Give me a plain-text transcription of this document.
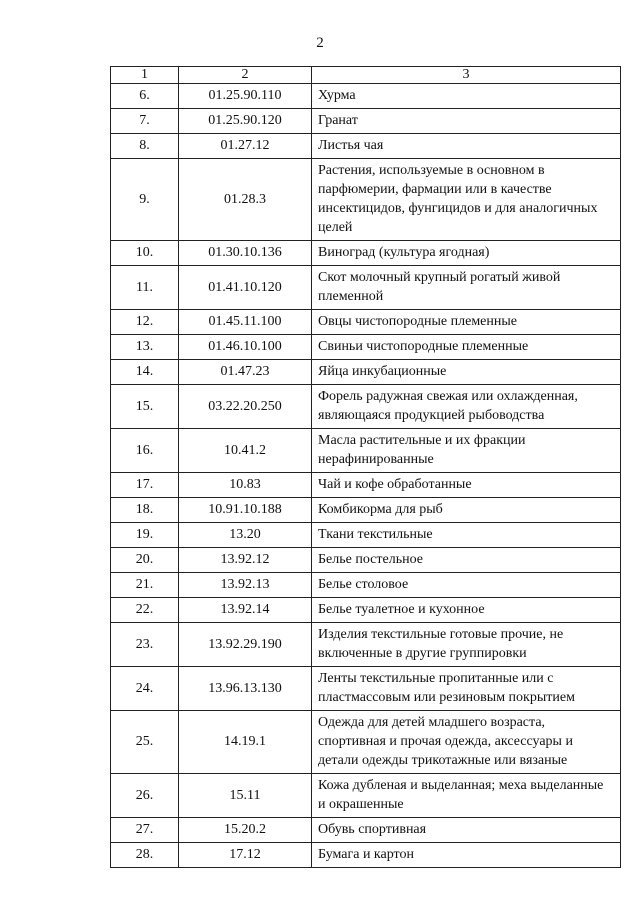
2
1	2	3
6.	01.25.90.110	Хурма
7.	01.25.90.120	Гранат
8.	01.27.12	Листья чая
9.	01.28.3	Растения, используемые в основном в парфюмерии, фармации или в качестве инсектицидов, фунгицидов и для аналогичных целей
10.	01.30.10.136	Виноград (культура ягодная)
11.	01.41.10.120	Скот молочный крупный рогатый живой племенной
12.	01.45.11.100	Овцы чистопородные племенные
13.	01.46.10.100	Свиньи чистопородные племенные
14.	01.47.23	Яйца инкубационные
15.	03.22.20.250	Форель радужная свежая или охлажденная, являющаяся продукцией рыбоводства
16.	10.41.2	Масла растительные и их фракции нерафинированные
17.	10.83	Чай и кофе обработанные
18.	10.91.10.188	Комбикорма для рыб
19.	13.20	Ткани текстильные
20.	13.92.12	Белье постельное
21.	13.92.13	Белье столовое
22.	13.92.14	Белье туалетное и кухонное
23.	13.92.29.190	Изделия текстильные готовые прочие, не включенные в другие группировки
24.	13.96.13.130	Ленты текстильные пропитанные или с пластмассовым или резиновым покрытием
25.	14.19.1	Одежда для детей младшего возраста, спортивная и прочая одежда, аксессуары и детали одежды трикотажные или вязаные
26.	15.11	Кожа дубленая и выделанная; меха выделанные и окрашенные
27.	15.20.2	Обувь спортивная
28.	17.12	Бумага и картон
